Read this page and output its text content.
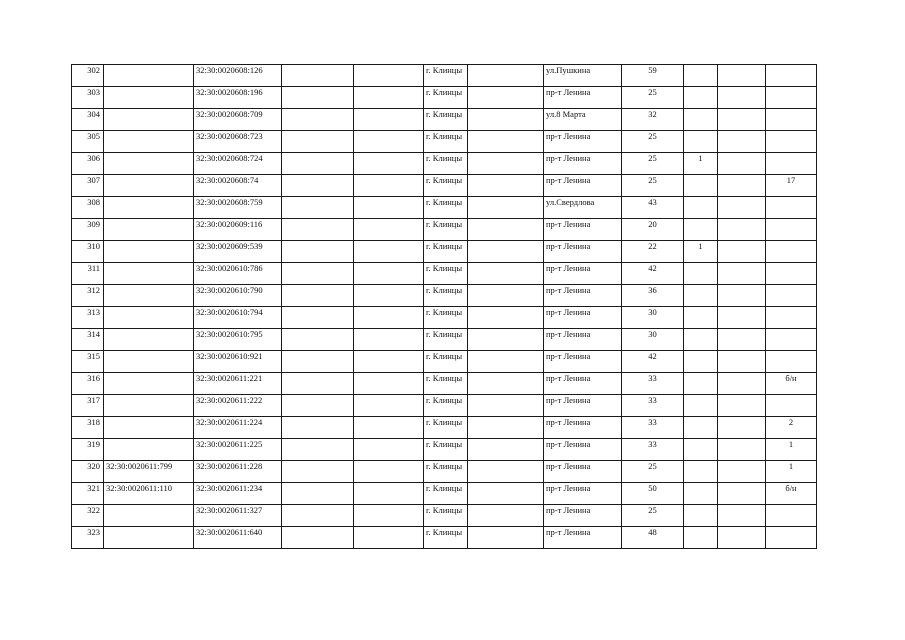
302		32:30:0020608:126			г. Клинцы		ул.Пушкина	59			
303		32:30:0020608:196			г. Клинцы		пр-т Ленина	25			
304		32:30:0020608:709			г. Клинцы		ул.8 Марта	32			
305		32:30:0020608:723			г. Клинцы		пр-т Ленина	25			
306		32:30:0020608:724			г. Клинцы		пр-т Ленина	25	1		
307		32:30:0020608:74			г. Клинцы		пр-т Ленина	25			17
308		32:30:0020608:759			г. Клинцы		ул.Свердлова	43			
309		32:30:0020609:116			г. Клинцы		пр-т Ленина	20			
310		32:30:0020609:539			г. Клинцы		пр-т Ленина	22	1		
311		32:30:0020610:786			г. Клинцы		пр-т Ленина	42			
312		32:30:0020610:790			г. Клинцы		пр-т Ленина	36			
313		32:30:0020610:794			г. Клинцы		пр-т Ленина	30			
314		32:30:0020610:795			г. Клинцы		пр-т Ленина	30			
315		32:30:0020610:921			г. Клинцы		пр-т Ленина	42			
316		32:30:0020611:221			г. Клинцы		пр-т Ленина	33			б/н
317		32:30:0020611:222			г. Клинцы		пр-т Ленина	33			
318		32:30:0020611:224			г. Клинцы		пр-т Ленина	33			2
319		32:30:0020611:225			г. Клинцы		пр-т Ленина	33			1
320	32:30:0020611:799	32:30:0020611:228			г. Клинцы		пр-т Ленина	25			1
321	32:30:0020611:110	32:30:0020611:234			г. Клинцы		пр-т Ленина	50			б/н
322		32:30:0020611:327			г. Клинцы		пр-т Ленина	25			
323		32:30:0020611:640			г. Клинцы		пр-т Ленина	48			
